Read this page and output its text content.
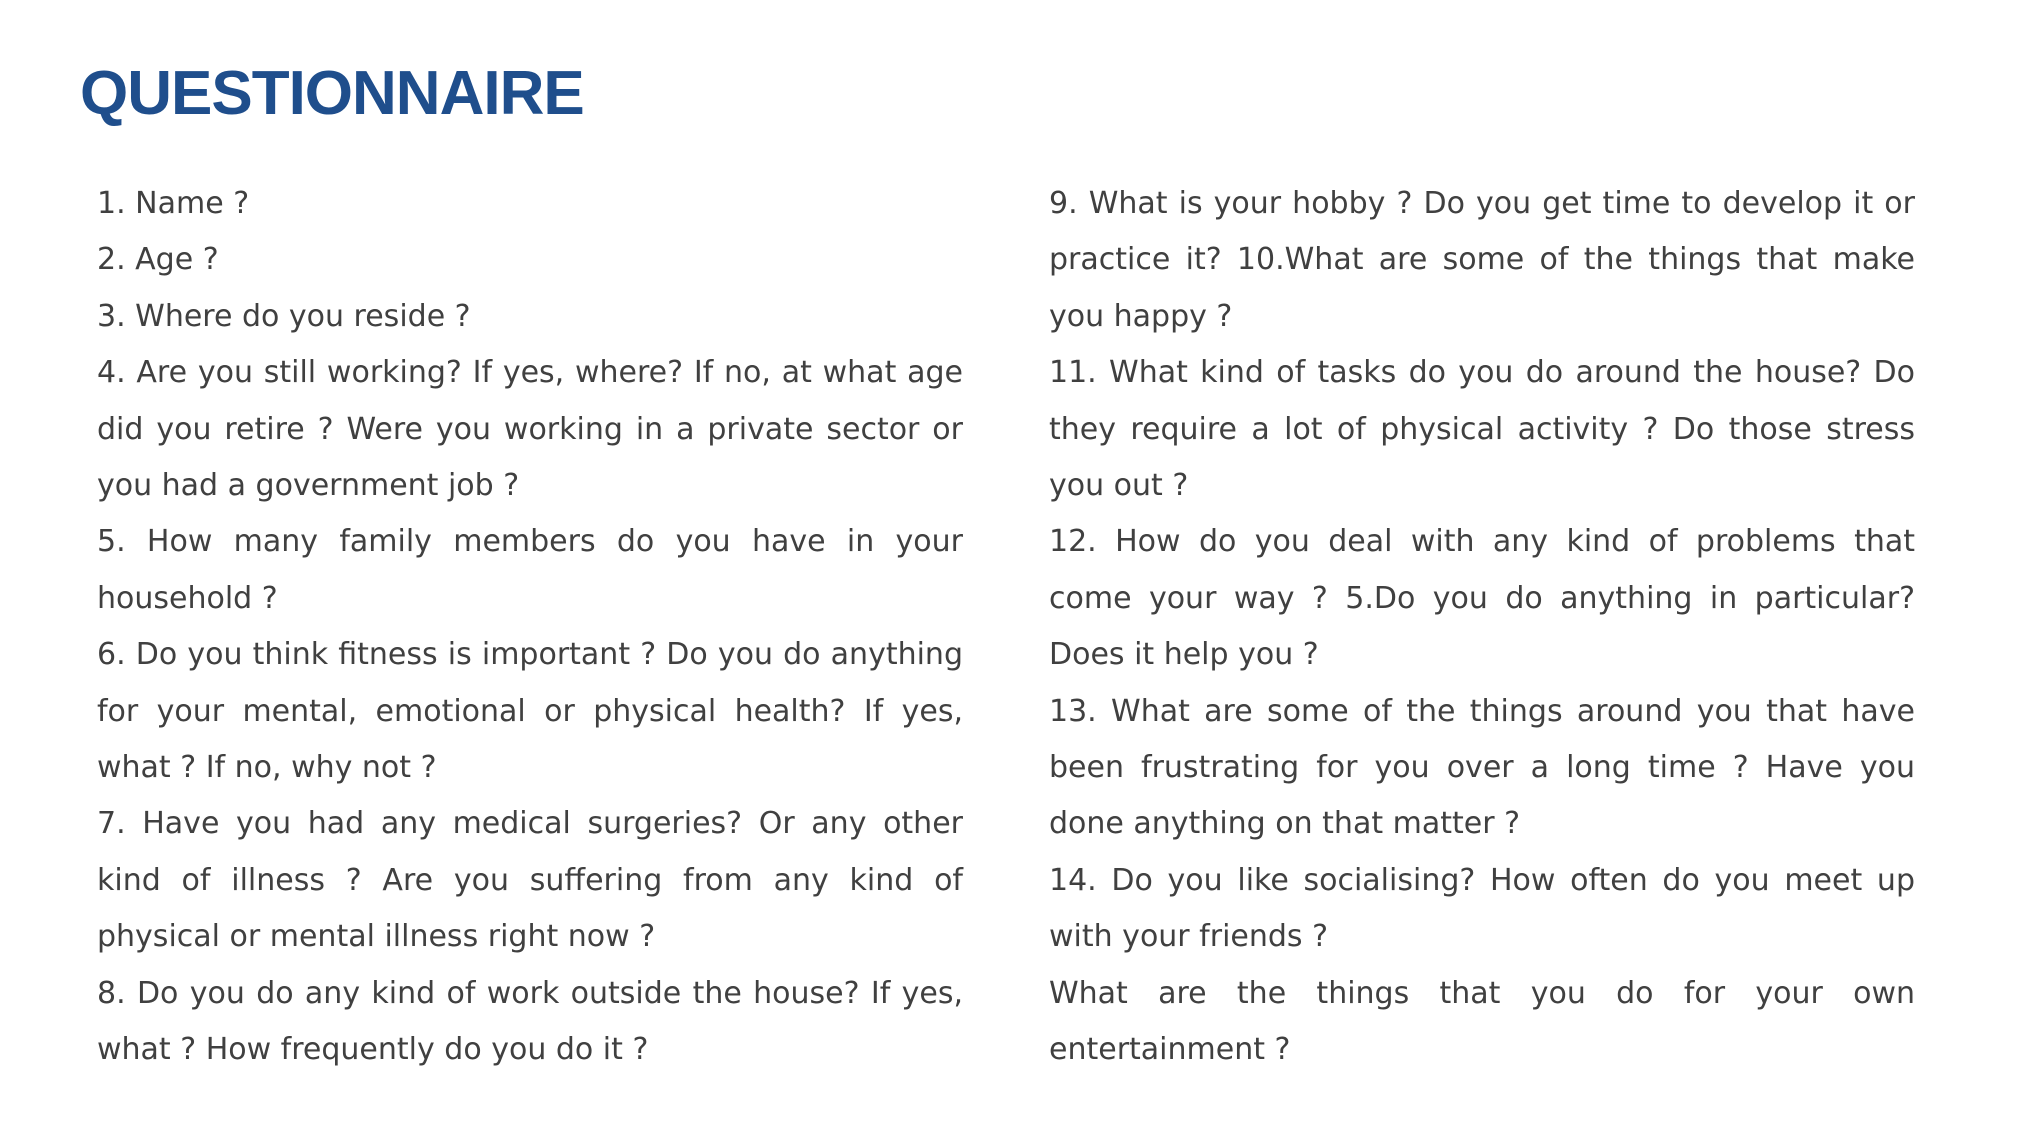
QUESTIONNAIRE

1. Name ?

2. Age ?

3. Where do you reside ?

4. Are you still working? If yes, where? If no, at what age did you retire ? Were you working in a private sector or you had a government job ?

5. How many family members do you have in your household ?

6. Do you think fitness is important ? Do you do anything for your mental, emotional or physical health? If yes, what ? If no, why not ?

7. Have you had any medical surgeries? Or any other kind of illness ? Are you suffering from any kind of physical or mental illness right now ?

8. Do you do any kind of work outside the house? If yes, what ? How frequently do you do it ?

9. What is your hobby ? Do you get time to develop it or practice it? 10.What are some of the things that make you happy ?

11. What kind of tasks do you do around the house? Do they require a lot of physical activity ? Do those stress you out ?

12. How do you deal with any kind of problems that come your way ? 5.Do you do anything in particular? Does it help you ?

13. What are some of the things around you that have been frustrating for you over a long time ? Have you done anything on that matter ?

14. Do you like socialising? How often do you meet up with your friends ?

What are the things that you do for your own entertainment ?
